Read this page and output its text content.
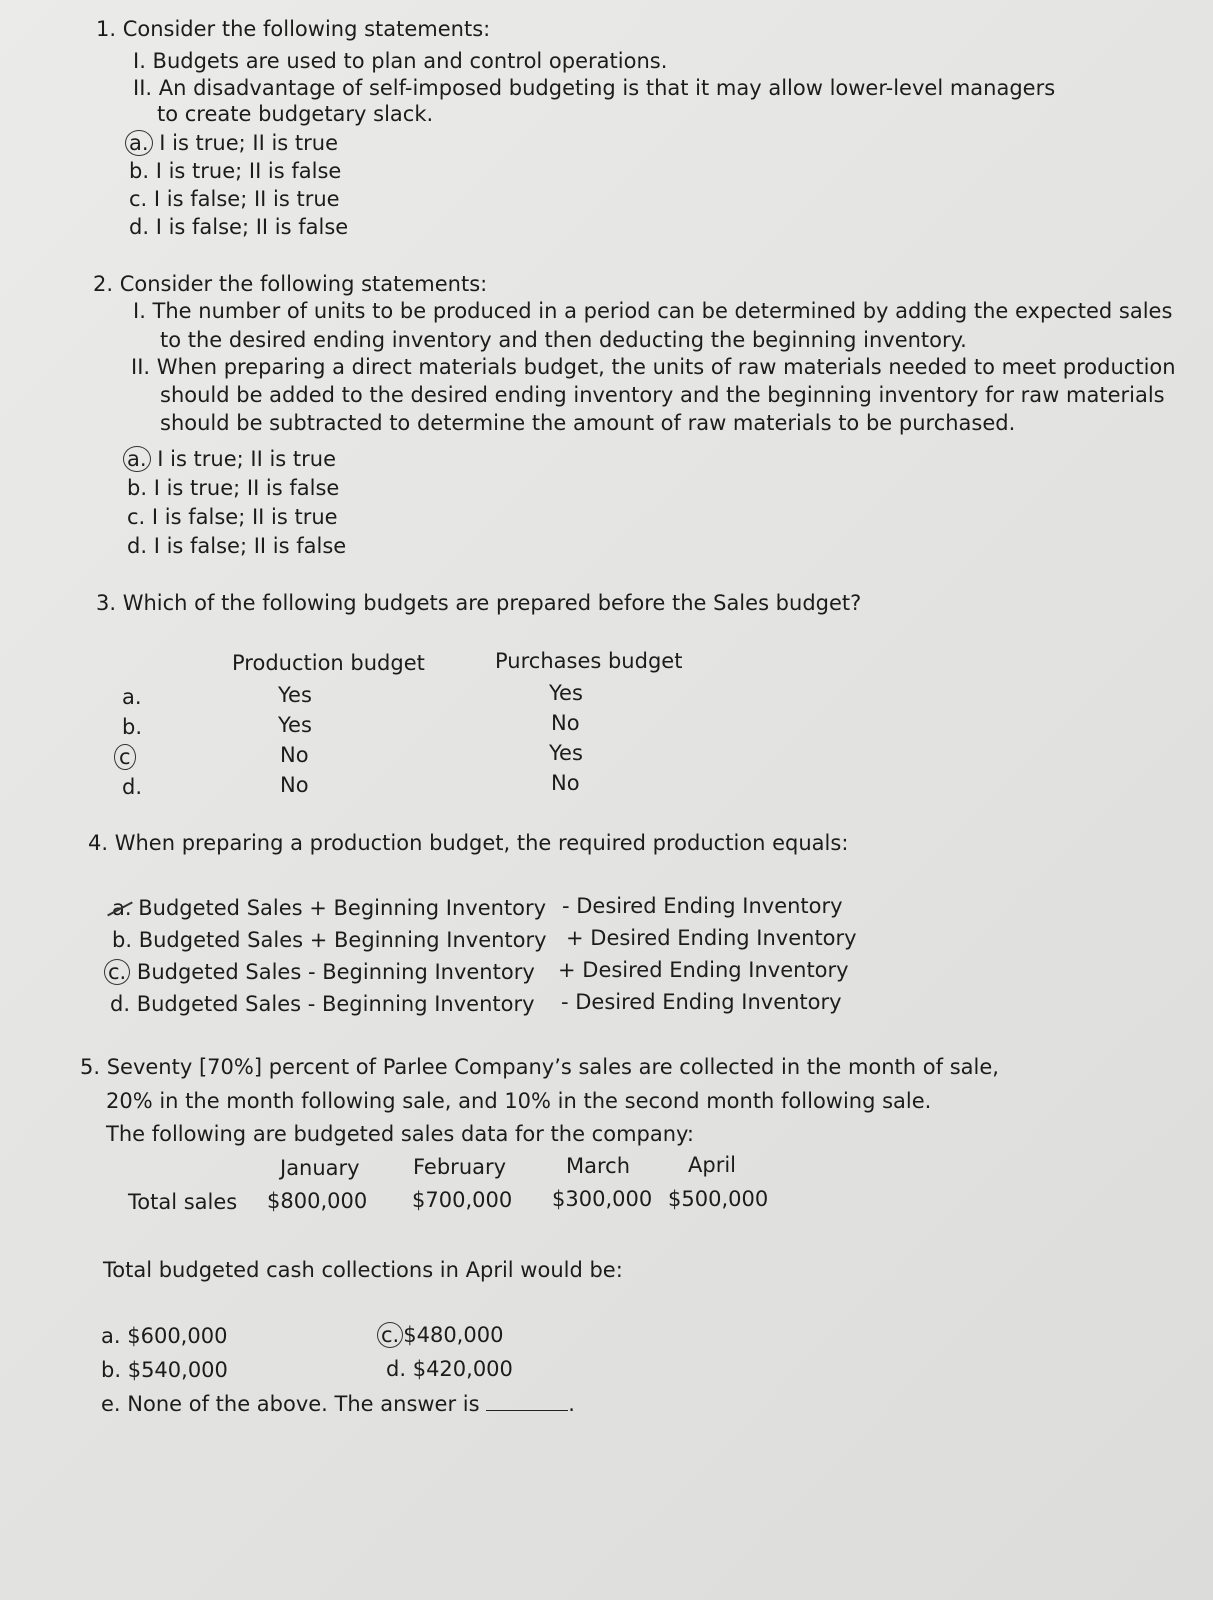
1. Consider the following statements:
I. Budgets are used to plan and control operations.
II. An disadvantage of self-imposed budgeting is that it may allow lower-level managers
to create budgetary slack.
a. I is true; II is true
b. I is true; II is false
c. I is false; II is true
d. I is false; II is false
2. Consider the following statements:
I. The number of units to be produced in a period can be determined by adding the expected sales
to the desired ending inventory and then deducting the beginning inventory.
II. When preparing a direct materials budget, the units of raw materials needed to meet production
should be added to the desired ending inventory and the beginning inventory for raw materials
should be subtracted to determine the amount of raw materials to be purchased.
a. I is true; II is true
b. I is true; II is false
c. I is false; II is true
d. I is false; II is false
3. Which of the following budgets are prepared before the Sales budget?
Production budget	Purchases budget
a.	Yes	Yes
b.	Yes	No
c	No	Yes
d.	No	No
4. When preparing a production budget, the required production equals:
a. Budgeted Sales + Beginning Inventory - Desired Ending Inventory
b. Budgeted Sales + Beginning Inventory + Desired Ending Inventory
c. Budgeted Sales - Beginning Inventory + Desired Ending Inventory
d. Budgeted Sales - Beginning Inventory - Desired Ending Inventory
5. Seventy [70%] percent of Parlee Company’s sales are collected in the month of sale,
20% in the month following sale, and 10% in the second month following sale.
The following are budgeted sales data for the company:
January	February	March	April
Total sales $800,000 $700,000 $300,000 $500,000
Total budgeted cash collections in April would be:
a. $600,000
b. $540,000
c. $480,000
d. $420,000
e. None of the above. The answer is	.
